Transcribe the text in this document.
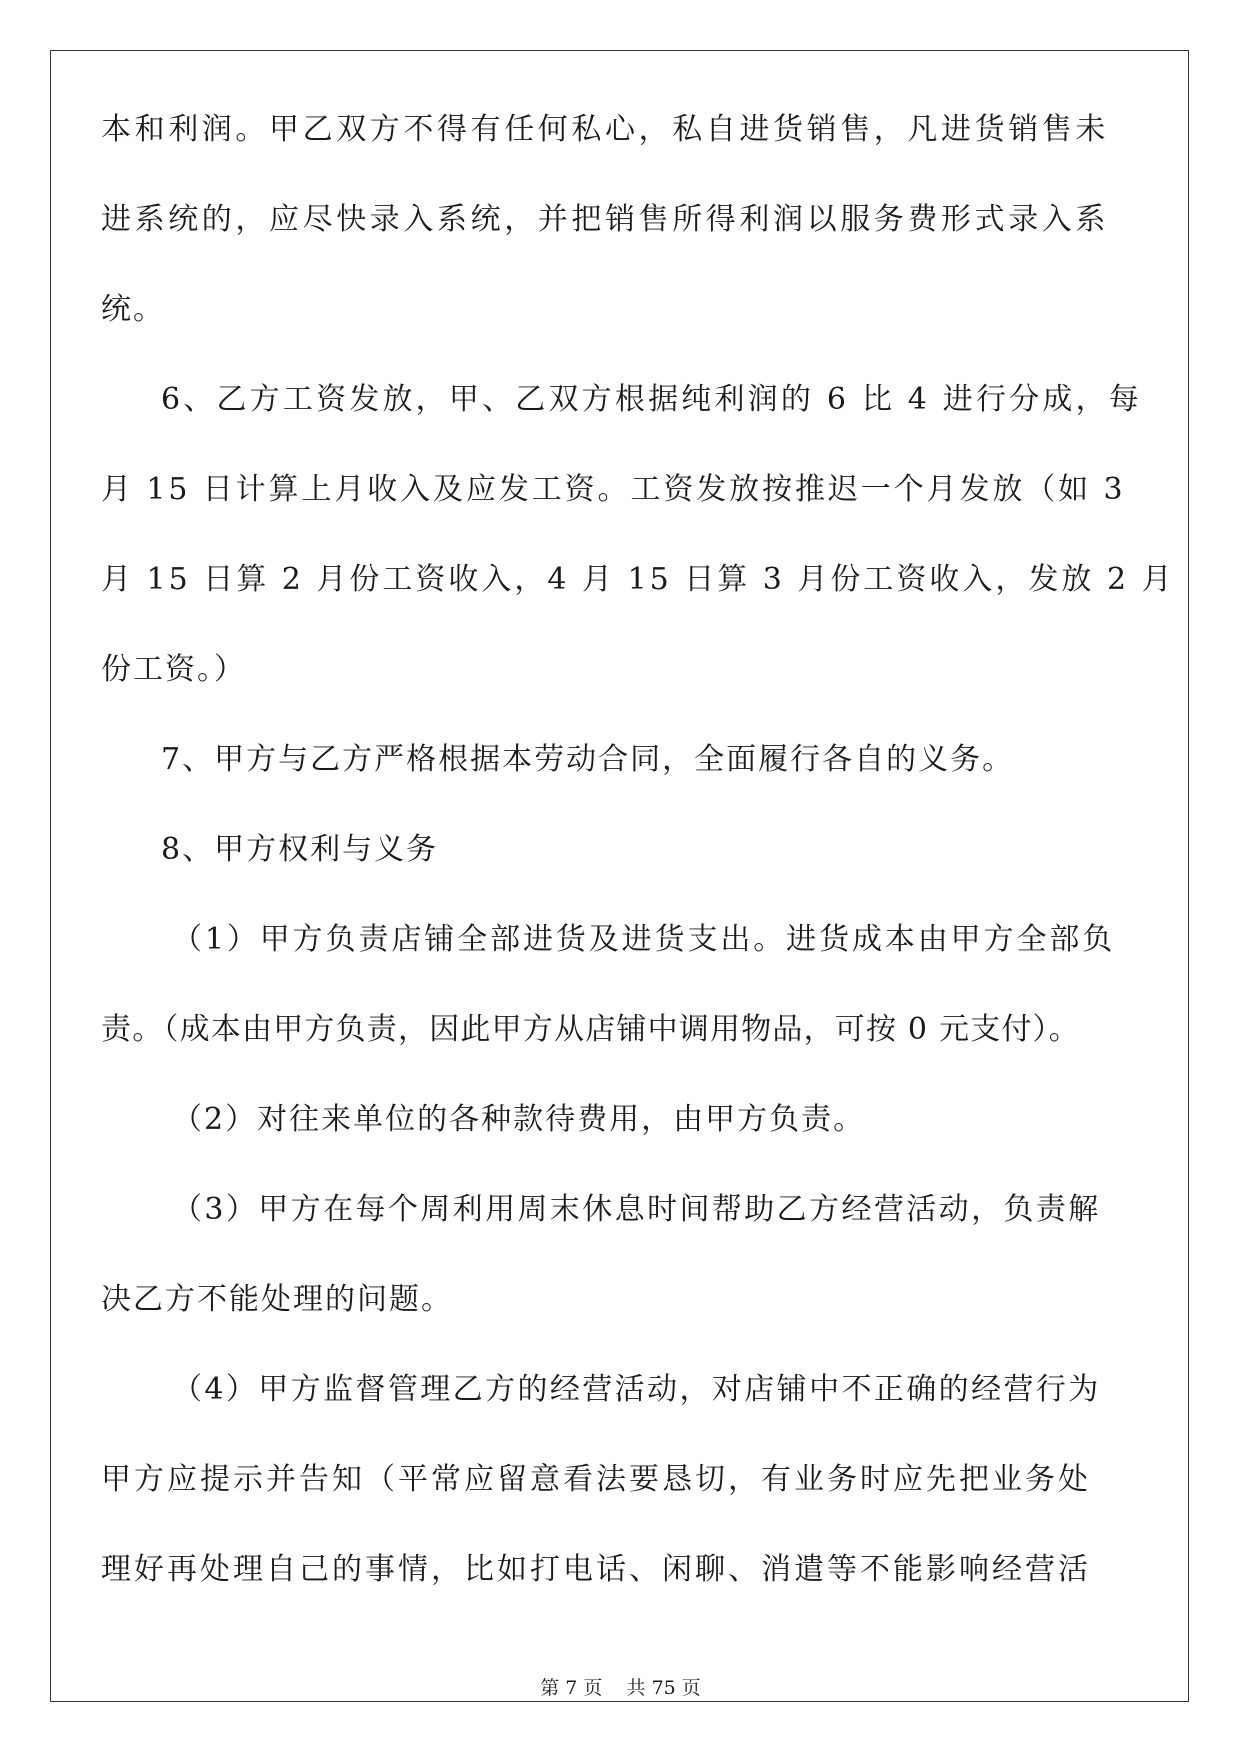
本和利润。甲乙双方不得有任何私心，私自进货销售，凡进货销售未
进系统的，应尽快录入系统，并把销售所得利润以服务费形式录入系
统。
6、乙方工资发放，甲、乙双方根据纯利润的 6 比 4 进行分成，每
月 15 日计算上月收入及应发工资。工资发放按推迟一个月发放（如 3
月 15 日算 2 月份工资收入，4 月 15 日算 3 月份工资收入，发放 2 月
份工资。）
7、甲方与乙方严格根据本劳动合同，全面履行各自的义务。
8、甲方权利与义务
（1）甲方负责店铺全部进货及进货支出。进货成本由甲方全部负
责。（成本由甲方负责，因此甲方从店铺中调用物品，可按 0 元支付）。
（2）对往来单位的各种款待费用，由甲方负责。
（3）甲方在每个周利用周末休息时间帮助乙方经营活动，负责解
决乙方不能处理的问题。
（4）甲方监督管理乙方的经营活动，对店铺中不正确的经营行为
甲方应提示并告知（平常应留意看法要恳切，有业务时应先把业务处
理好再处理自己的事情，比如打电话、闲聊、消遣等不能影响经营活
第 7 页    共 75 页
